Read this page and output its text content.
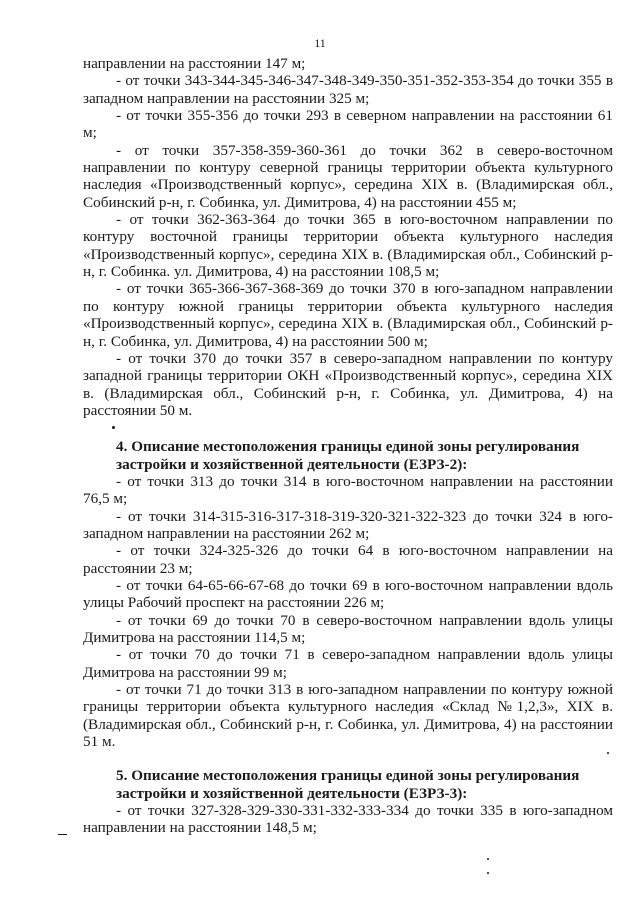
11

направлении на расстоянии 147 м;

- от точки 343-344-345-346-347-348-349-350-351-352-353-354 до точки 355 в западном направлении на расстоянии 325 м;

- от точки 355-356 до точки 293 в северном направлении на расстоянии 61 м;

- от точки 357-358-359-360-361 до точки 362 в северо-восточном направлении по контуру северной границы территории объекта культурного наследия «Производственный корпус», середина XIX в. (Владимирская обл., Собинский р-н, г. Собинка, ул. Димитрова, 4) на расстоянии 455 м;

- от точки 362-363-364 до точки 365 в юго-восточном направлении по контуру восточной границы территории объекта культурного наследия «Производственный корпус», середина XIX в. (Владимирская обл., Собинский р-н, г. Собинка. ул. Димитрова, 4) на расстоянии 108,5 м;

- от точки 365-366-367-368-369 до точки 370 в юго-западном направлении по контуру южной границы территории объекта культурного наследия «Производственный корпус», середина XIX в. (Владимирская обл., Собинский р-н, г. Собинка, ул. Димитрова, 4) на расстоянии 500 м;

- от точки 370 до точки 357 в северо-западном направлении по контуру западной границы территории ОКН «Производственный корпус», середина XIX в. (Владимирская обл., Собинский р-н, г. Собинка, ул. Димитрова, 4) на расстоянии 50 м.

4. Описание местоположения границы единой зоны регулирования

застройки и хозяйственной деятельности (ЕЗРЗ-2):

- от точки 313 до точки 314 в юго-восточном направлении на расстоянии 76,5 м;

- от точки 314-315-316-317-318-319-320-321-322-323 до точки 324 в юго-западном направлении на расстоянии 262 м;

- от точки 324-325-326 до точки 64 в юго-восточном направлении на расстоянии 23 м;

- от точки 64-65-66-67-68 до точки 69 в юго-восточном направлении вдоль улицы Рабочий проспект на расстоянии 226 м;

- от точки 69 до точки 70 в северо-восточном направлении вдоль улицы Димитрова на расстоянии 114,5 м;

- от точки 70 до точки 71 в северо-западном направлении вдоль улицы Димитрова на расстоянии 99 м;

- от точки 71 до точки 313 в юго-западном направлении по контуру южной границы территории объекта культурного наследия «Склад №1,2,3», XIX в. (Владимирская обл., Собинский р-н, г. Собинка, ул. Димитрова, 4) на расстоянии 51 м.

5. Описание местоположения границы единой зоны регулирования

застройки и хозяйственной деятельности (ЕЗРЗ-3):

- от точки 327-328-329-330-331-332-333-334 до точки 335 в юго-западном направлении на расстоянии 148,5 м;
